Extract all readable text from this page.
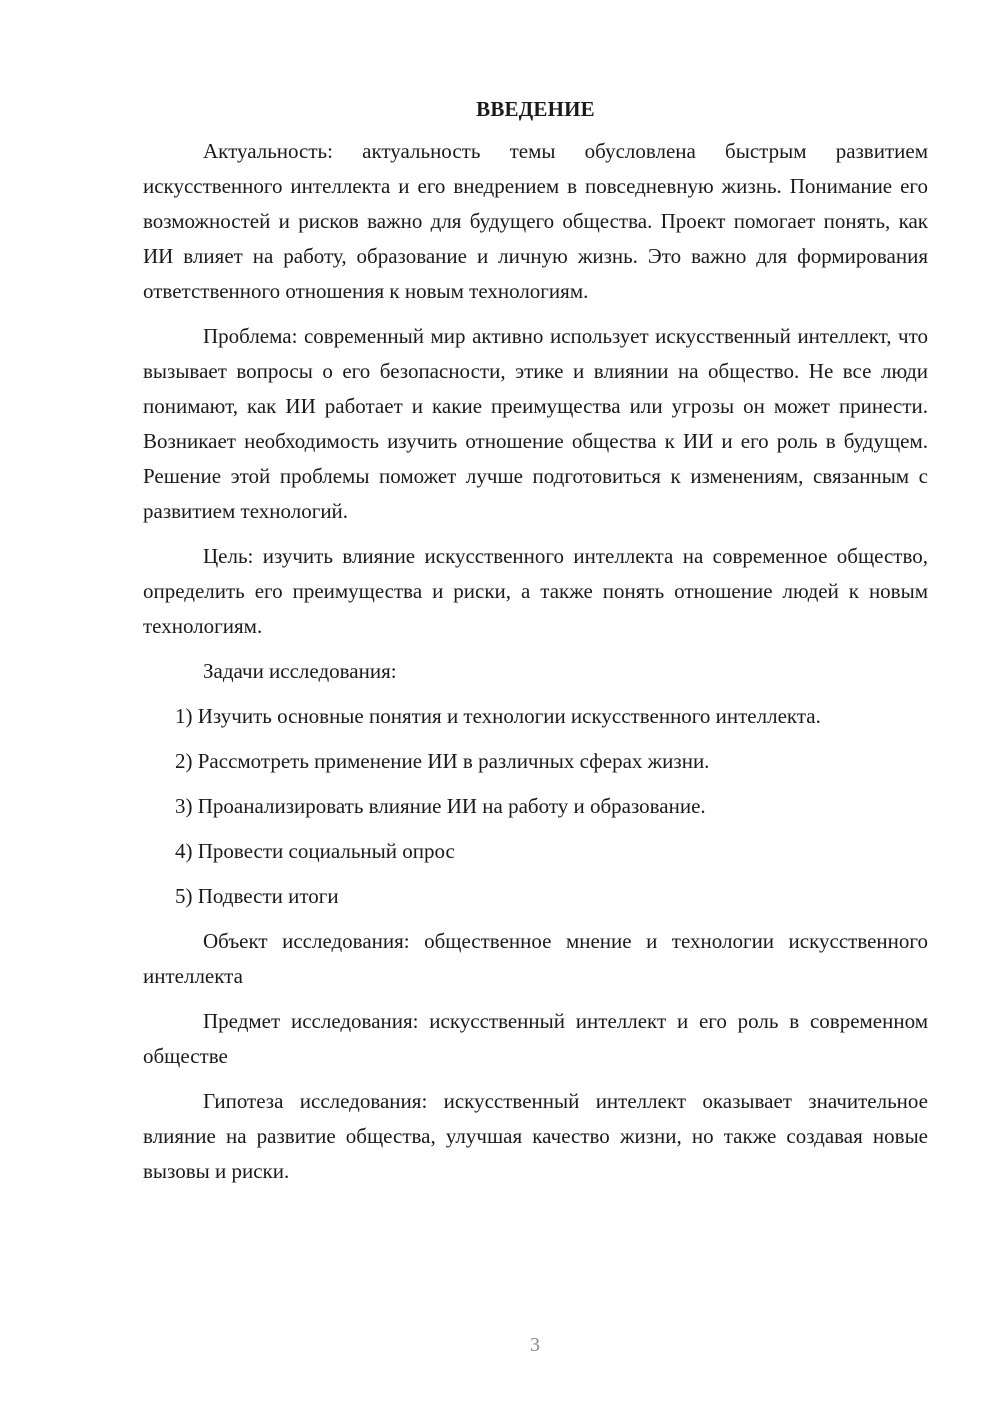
ВВЕДЕНИЕ

Актуальность: актуальность темы обусловлена быстрым развитием искусственного интеллекта и его внедрением в повседневную жизнь. Понимание его возможностей и рисков важно для будущего общества. Проект помогает понять, как ИИ влияет на работу, образование и личную жизнь. Это важно для формирования ответственного отношения к новым технологиям.

Проблема: современный мир активно использует искусственный интеллект, что вызывает вопросы о его безопасности, этике и влиянии на общество. Не все люди понимают, как ИИ работает и какие преимущества или угрозы он может принести. Возникает необходимость изучить отношение общества к ИИ и его роль в будущем. Решение этой проблемы поможет лучше подготовиться к изменениям, связанным с развитием технологий.

Цель: изучить влияние искусственного интеллекта на современное общество, определить его преимущества и риски, а также понять отношение людей к новым технологиям.

Задачи исследования:

1) Изучить основные понятия и технологии искусственного интеллекта.

2) Рассмотреть применение ИИ в различных сферах жизни.

3) Проанализировать влияние ИИ на работу и образование.

4) Провести социальный опрос

5) Подвести итоги

Объект исследования: общественное мнение и технологии искусственного интеллекта

Предмет исследования: искусственный интеллект и его роль в современном обществе

Гипотеза исследования: искусственный интеллект оказывает значительное влияние на развитие общества, улучшая качество жизни, но также создавая новые вызовы и риски.

3
